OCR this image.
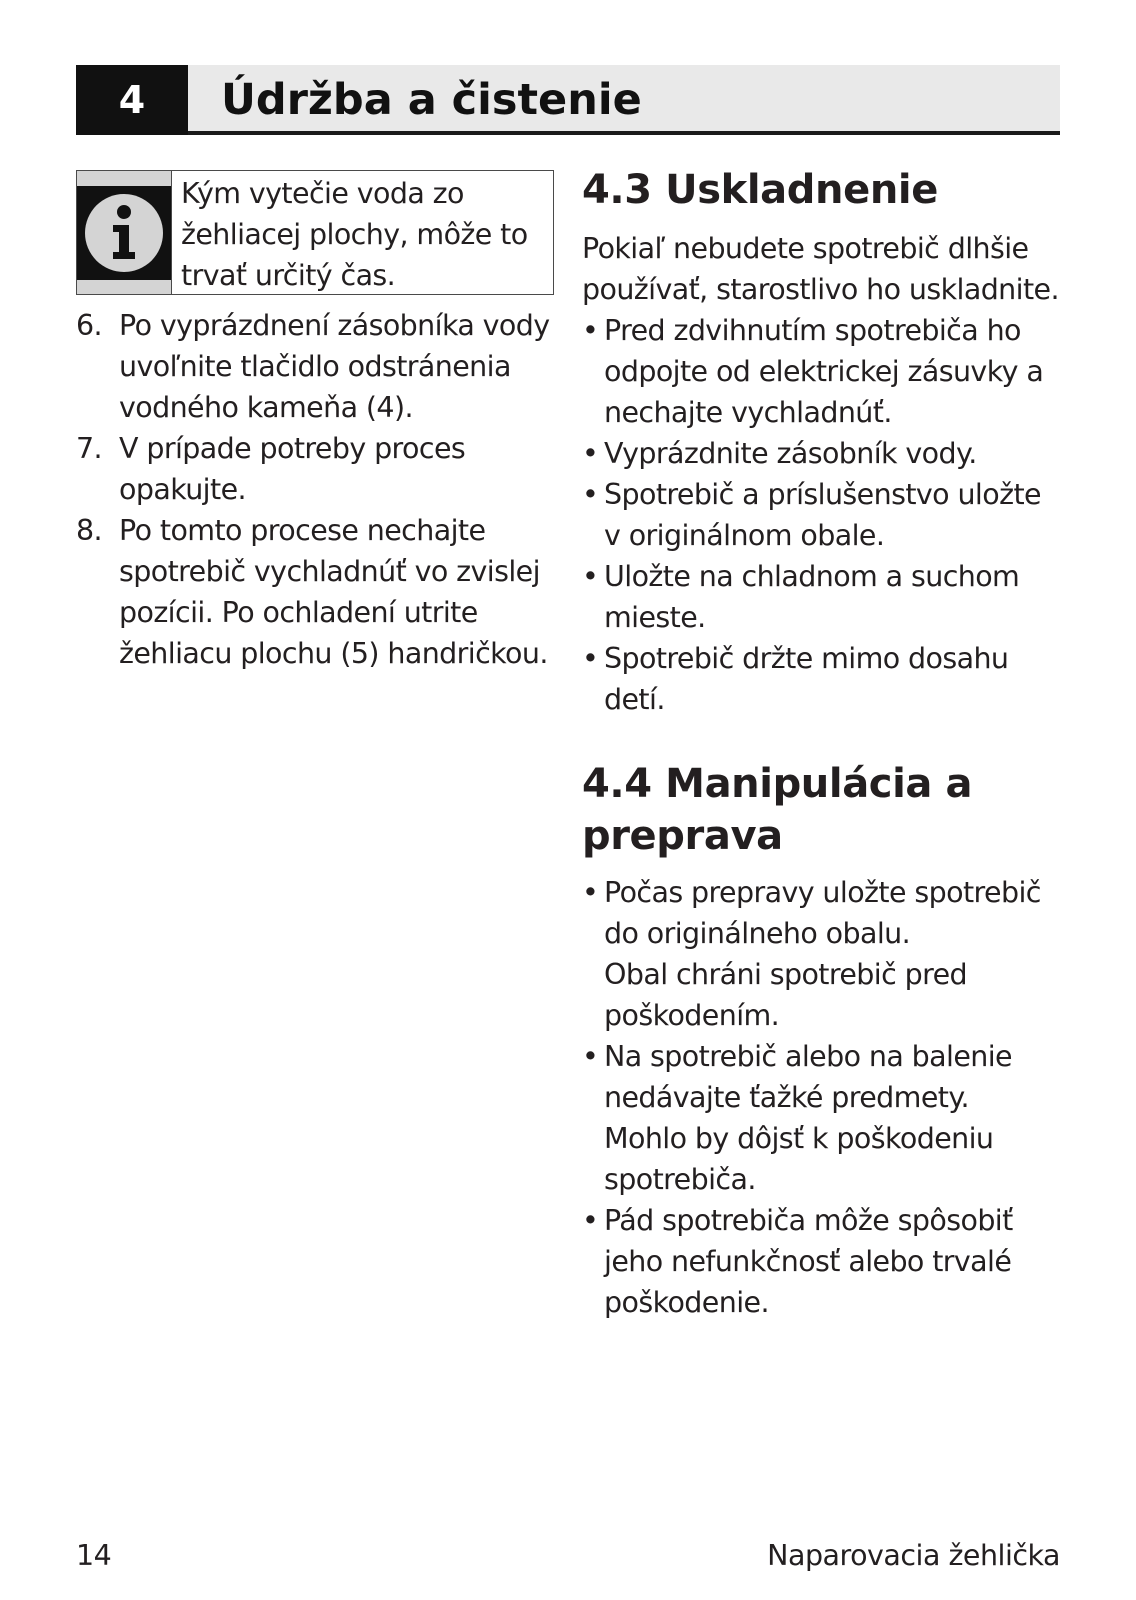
4	Údržba a čistenie
Kým vytečie voda zo žehliacej plochy, môže to trvať určitý čas.
6. Po vyprázdnení zásobníka vody uvoľnite tlačidlo odstránenia vodného kameňa (4).
7. V prípade potreby proces opakujte.
8. Po tomto procese nechajte spotrebič vychladnúť vo zvislej pozícii. Po ochladení utrite žehliacu plochu (5) handričkou.
4.3 Uskladnenie
Pokiaľ nebudete spotrebič dlhšie používať, starostlivo ho uskladnite.
• Pred zdvihnutím spotrebiča ho odpojte od elektrickej zásuvky a nechajte vychladnúť.
• Vyprázdnite zásobník vody.
• Spotrebič a príslušenstvo uložte v originálnom obale.
• Uložte na chladnom a suchom mieste.
• Spotrebič držte mimo dosahu detí.
4.4 Manipulácia a prepravа
• Počas prepravy uložte spotrebič do originálneho obalu.
Obal chráni spotrebič pred poškodením.
• Na spotrebič alebo na balenie nedávajte ťažké predmety.
Mohlo by dôjsť k poškodeniu spotrebiča.
• Pád spotrebiča môže spôsobiť jeho nefunkčnosť alebo trvalé poškodenie.
14	Naparovacia žehlička
